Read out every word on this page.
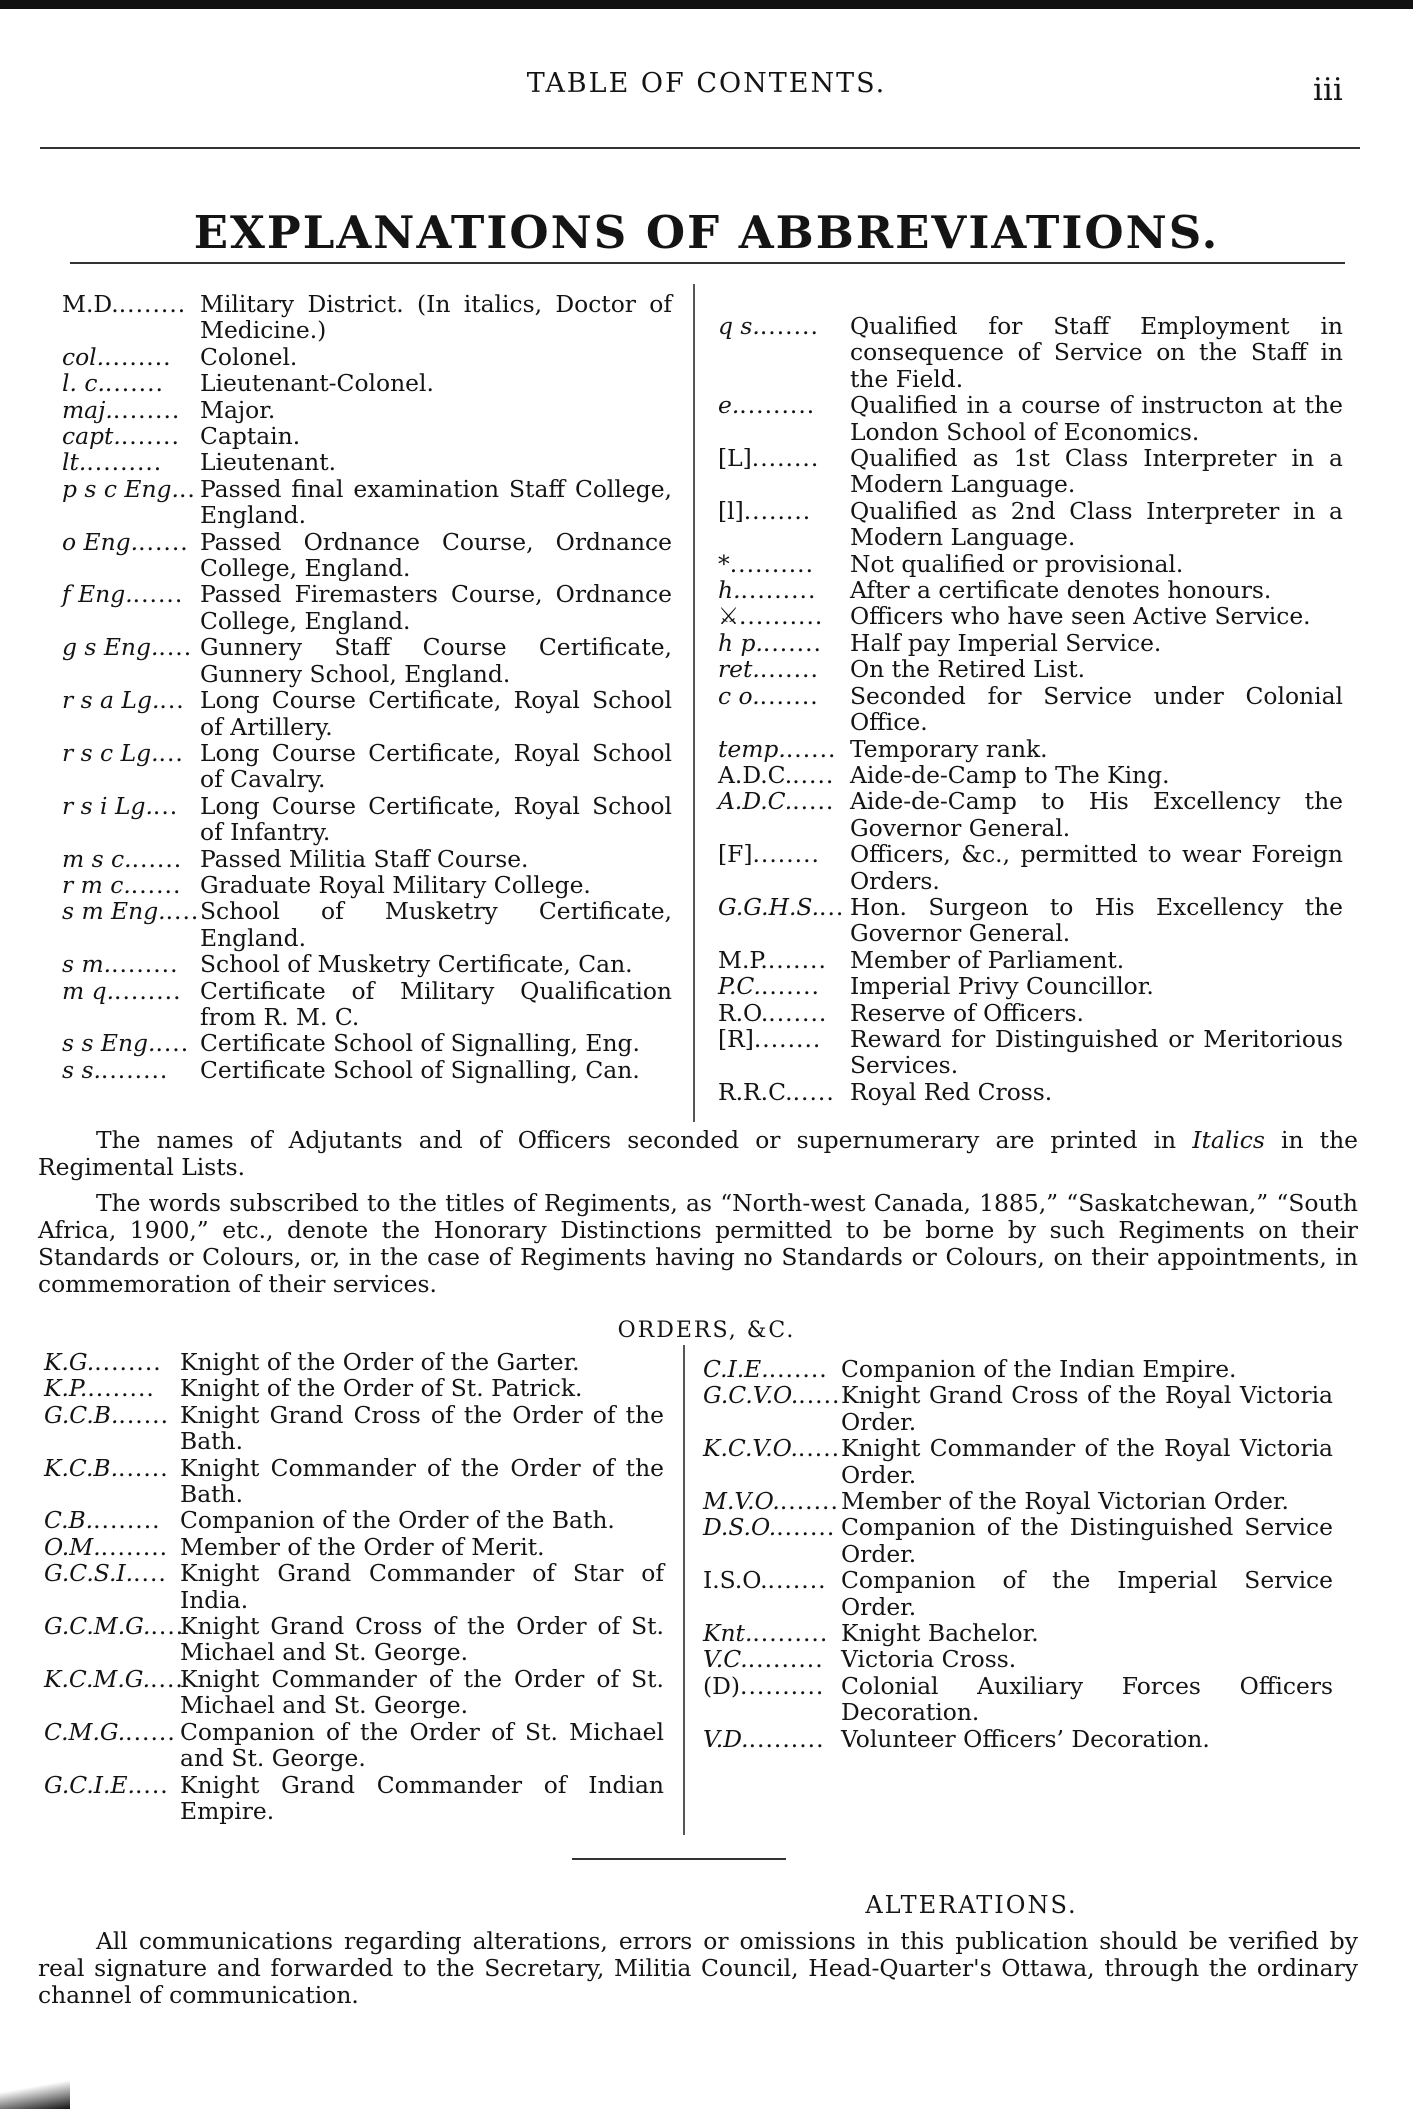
TABLE OF CONTENTS.	iii
EXPLANATIONS OF ABBREVIATIONS.
M.D......... Military District. (In italics, Doctor of Medicine.)
col.........	Colonel.
l. c........	Lieutenant-Colonel.
maj......... Major.
capt........ Captain.
lt..........	Lieutenant.
p s c Eng... Passed final examination Staff College, England.
o Eng....... Passed Ordnance Course, Ordnance College, England.
f Eng....... Passed Firemasters Course, Ordnance College, England.
g s Eng..... Gunnery Staff Course Certificate, Gunnery School, England.
r s a Lg.... Long Course Certificate, Royal School of Artillery.
r s c Lg.... Long Course Certificate, Royal School of Cavalry.
r s i Lg.... Long Course Certificate, Royal School of Infantry.
m s c....... Passed Militia Staff Course.
r m c....... Graduate Royal Military College.
s m Eng..... School of Musketry Certificate, England.
s m......... School of Musketry Certificate, Can.
m q......... Certificate of Military Qualification from R. M. C.
s s Eng..... Certificate School of Signalling, Eng.
s s.........	Certificate School of Signalling, Can.
q s........	Qualified for Staff Employment in consequence of Service on the Staff in the Field.
e..........	Qualified in a course of instructon at the London School of Economics.
[L]........	Qualified as 1st Class Interpreter in a Modern Language.
[l]........	Qualified as 2nd Class Interpreter in a Modern Language.
*..........	Not qualified or provisional.
h..........	After a certificate denotes honours.
⚔..........	Officers who have seen Active Service.
h p........	Half pay Imperial Service.
ret........	On the Retired List.
c o........	Seconded for Service under Colonial Office.
temp....... Temporary rank.
A.D.C...... Aide-de-Camp to The King.
A.D.C...... Aide-de-Camp to His Excellency the Governor General.
[F]........	Officers, &c., permitted to wear Foreign Orders.
G.G.H.S.... Hon. Surgeon to His Excellency the Governor General.
M.P........ Member of Parliament.
P.C........	Imperial Privy Councillor.
R.O........ Reserve of Officers.
[R]........	Reward for Distinguished or Meritorious Services.
R.R.C...... Royal Red Cross.
The names of Adjutants and of Officers seconded or supernumerary are printed in Italics in the Regimental Lists.
The words subscribed to the titles of Regiments, as “North-west Canada, 1885,” “Saskatchewan,” “South Africa, 1900,” etc., denote the Honorary Distinctions permitted to be borne by such Regiments on their Standards or Colours, or, in the case of Regiments having no Standards or Colours, on their appointments, in commemoration of their services.
ORDERS, &C.
K.G......... Knight of the Order of the Garter.
K.P.........	Knight of the Order of St. Patrick.
G.C.B....... Knight Grand Cross of the Order of the Bath.
K.C.B....... Knight Commander of the Order of the Bath.
C.B......... Companion of the Order of the Bath.
O.M......... Member of the Order of Merit.
G.C.S.I..... Knight Grand Commander of Star of India.
G.C.M.G.....
Knight Grand Cross of the Order of St. Michael and St. George.
K.C.M.G.....
Knight Commander of the Order of St. Michael and St. George.
C.M.G....... Companion of the Order of St. Michael and St. George.
G.C.I.E..... Knight Grand Commander of Indian Empire.
C.I.E........ Companion of the Indian Empire.
G.C.V.O...... Knight Grand Cross of the Royal Victoria Order.
K.C.V.O...... Knight Commander of the Royal Victoria Order.
M.V.O........ Member of the Royal Victorian Order.
D.S.O........ Companion of the Distinguished Service Order.
I.S.O........ Companion of the Imperial Service Order.
Knt.......... Knight Bachelor.
V.C.......... Victoria Cross.
(D).......... Colonial Auxiliary Forces Officers Decoration.
V.D.......... Volunteer Officers’ Decoration.
ALTERATIONS.
All communications regarding alterations, errors or omissions in this publication should be verified by real signature and forwarded to the Secretary, Militia Council, Head-Quarter's Ottawa, through the ordinary channel of communication.
